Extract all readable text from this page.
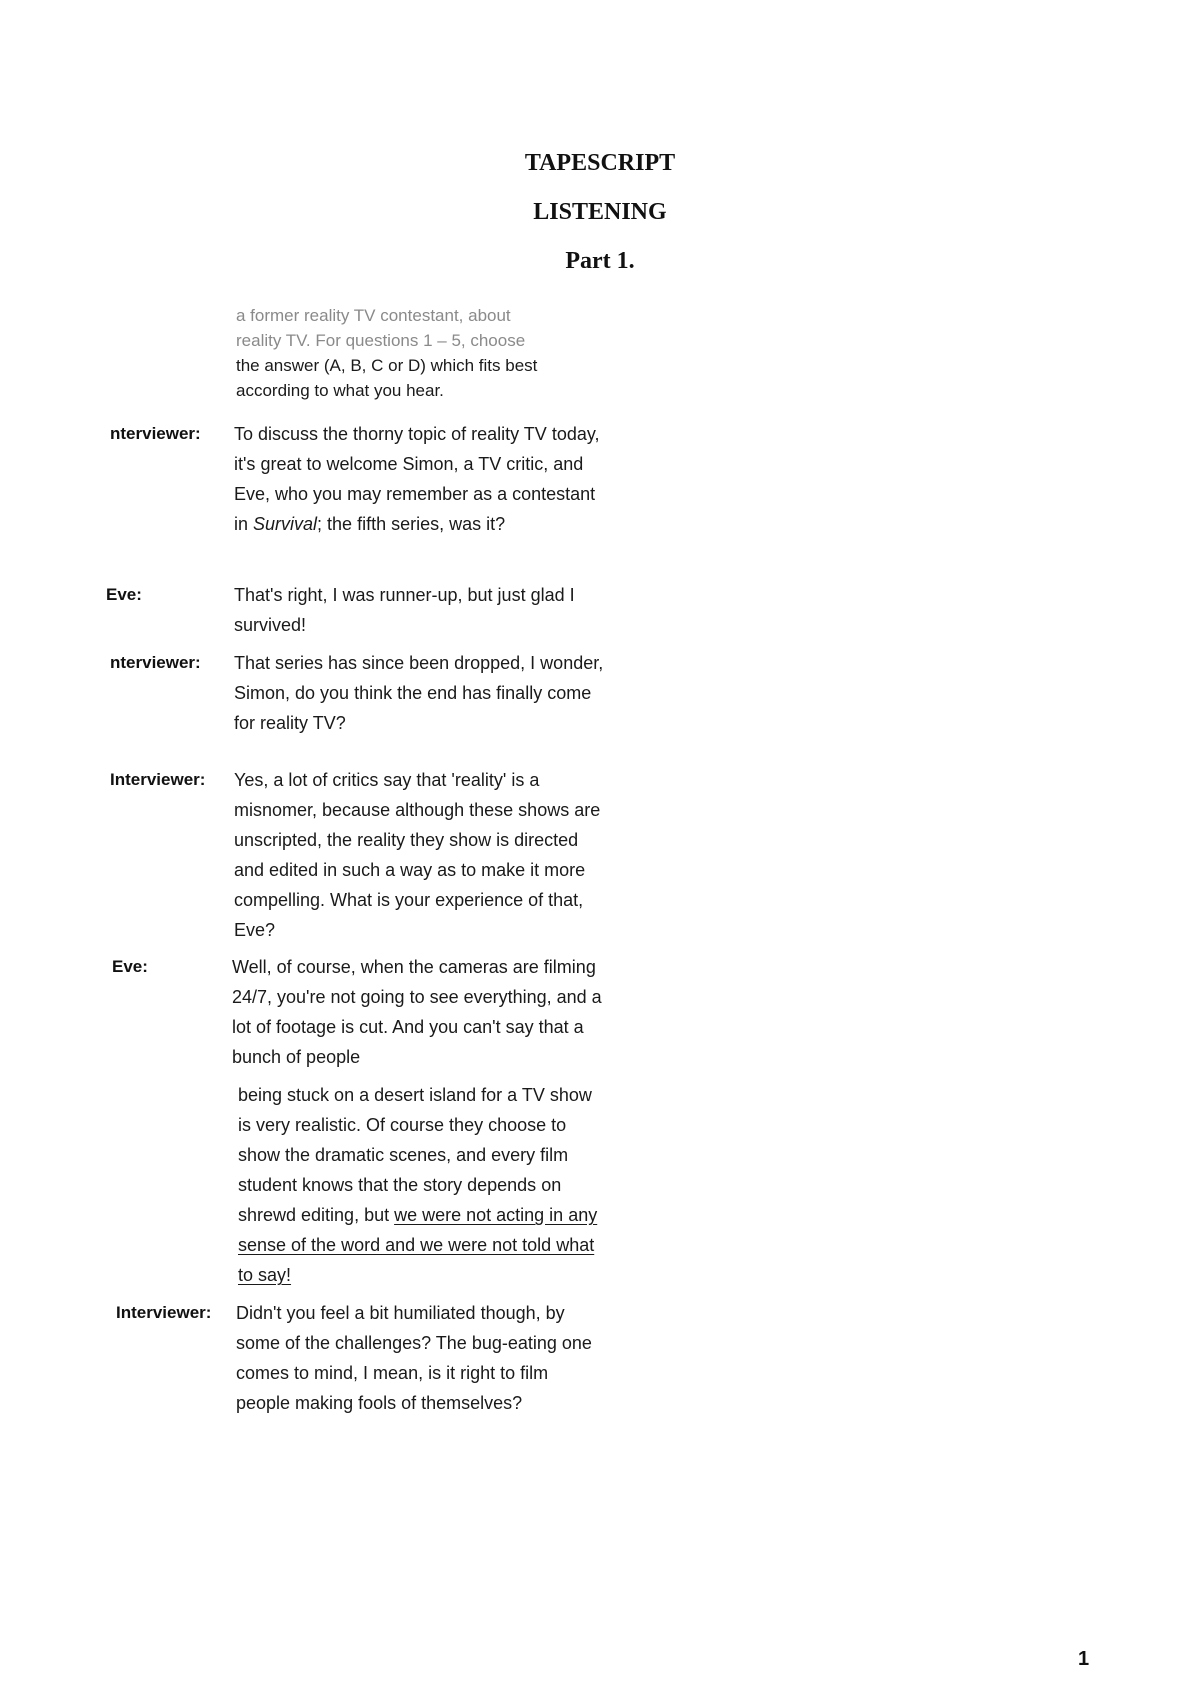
TAPESCRIPT
LISTENING
Part 1.

a former reality TV contestant, about
reality TV. For questions 1 – 5, choose
the answer (A, B, C or D) which fits best
according to what you hear.

nterviewer:	To discuss the thorny topic of reality TV today, it's great to welcome Simon, a TV critic, and Eve, who you may remember as a contestant in Survival; the fifth series, was it?

Eve:	That's right, I was runner-up, but just glad I survived!

nterviewer:	That series has since been dropped, I wonder, Simon, do you think the end has finally come for reality TV?

Interviewer:	Yes, a lot of critics say that 'reality' is a misnomer, because although these shows are unscripted, the reality they show is directed and edited in such a way as to make it more compelling. What is your experience of that, Eve?

Eve:	Well, of course, when the cameras are filming 24/7, you're not going to see everything, and a lot of footage is cut. And you can't say that a bunch of people

being stuck on a desert island for a TV show is very realistic. Of course they choose to show the dramatic scenes, and every film student knows that the story depends on shrewd editing, but we were not acting in any sense of the word and we were not told what to say!

Interviewer:	Didn't you feel a bit humiliated though, by some of the challenges? The bug-eating one comes to mind, I mean, is it right to film people making fools of themselves?

1
